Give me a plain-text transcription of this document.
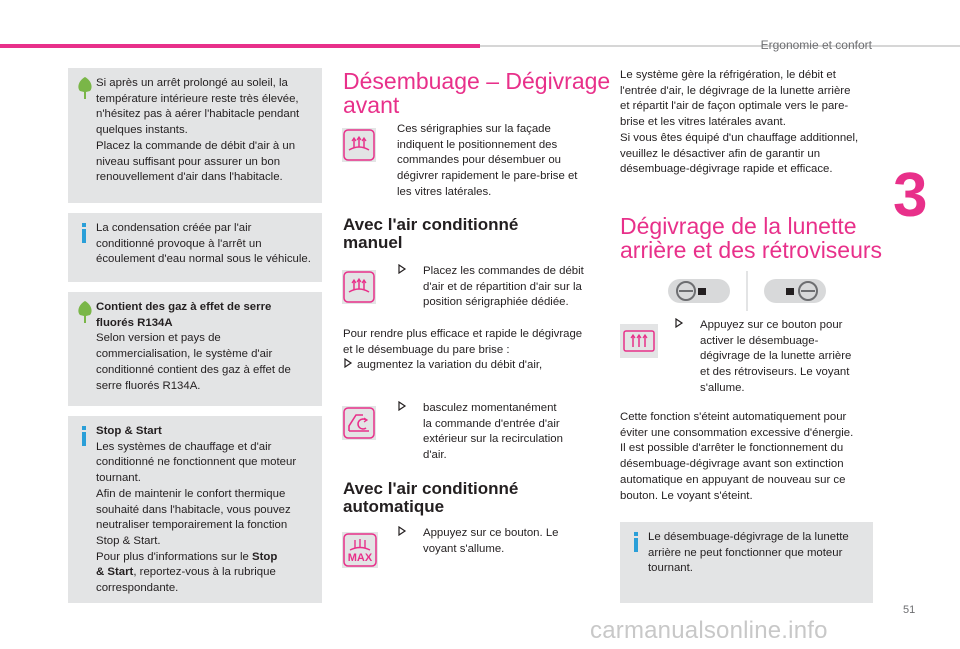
Ergonomie et confort
3
51
Si après un arrêt prolongé au soleil, la
température intérieure reste très élevée,
n'hésitez pas à aérer l'habitacle pendant
quelques instants.
Placez la commande de débit d'air à un
niveau suffisant pour assurer un bon
renouvellement d'air dans l'habitacle.
La condensation créée par l'air
conditionné provoque à l'arrêt un
écoulement d'eau normal sous le véhicule.
Contient des gaz à effet de serre
fluorés R134A
Selon version et pays de
commercialisation, le système d'air
conditionné contient des gaz à effet de
serre fluorés R134A.
Stop & Start
Les systèmes de chauffage et d'air
conditionné ne fonctionnent que moteur
tournant.
Afin de maintenir le confort thermique
souhaité dans l'habitacle, vous pouvez
neutraliser temporairement la fonction
Stop & Start.
Pour plus d'informations sur le Stop
& Start, reportez-vous à la rubrique
correspondante.
Désembuage – Dégivrage
avant
Ces sérigraphies sur la façade
indiquent le positionnement des
commandes pour désembuer ou
dégivrer rapidement le pare-brise et
les vitres latérales.
Avec l'air conditionné
manuel
Placez les commandes de débit
d'air et de répartition d'air sur la
position sérigraphiée dédiée.
Pour rendre plus efficace et rapide le dégivrage
et le désembuage du pare brise :
augmentez la variation du débit d'air,
basculez momentanément
la commande d'entrée d'air
extérieur sur la recirculation
d'air.
Avec l'air conditionné
automatique
MAX
Appuyez sur ce bouton. Le
voyant s'allume.
Le système gère la réfrigération, le débit et
l'entrée d'air, le dégivrage de la lunette arrière
et répartit l'air de façon optimale vers le pare-
brise et les vitres latérales avant.
Si vous êtes équipé d'un chauffage additionnel,
veuillez le désactiver afin de garantir un
désembuage-dégivrage rapide et efficace.
Dégivrage de la lunette
arrière et des rétroviseurs
Appuyez sur ce bouton pour
activer le désembuage-
dégivrage de la lunette arrière
et des rétroviseurs. Le voyant
s'allume.
Cette fonction s'éteint automatiquement pour
éviter une consommation excessive d'énergie.
Il est possible d'arrêter le fonctionnement du
désembuage-dégivrage avant son extinction
automatique en appuyant de nouveau sur ce
bouton. Le voyant s'éteint.
Le désembuage-dégivrage de la lunette
arrière ne peut fonctionner que moteur
tournant.
carmanualsonline.info
